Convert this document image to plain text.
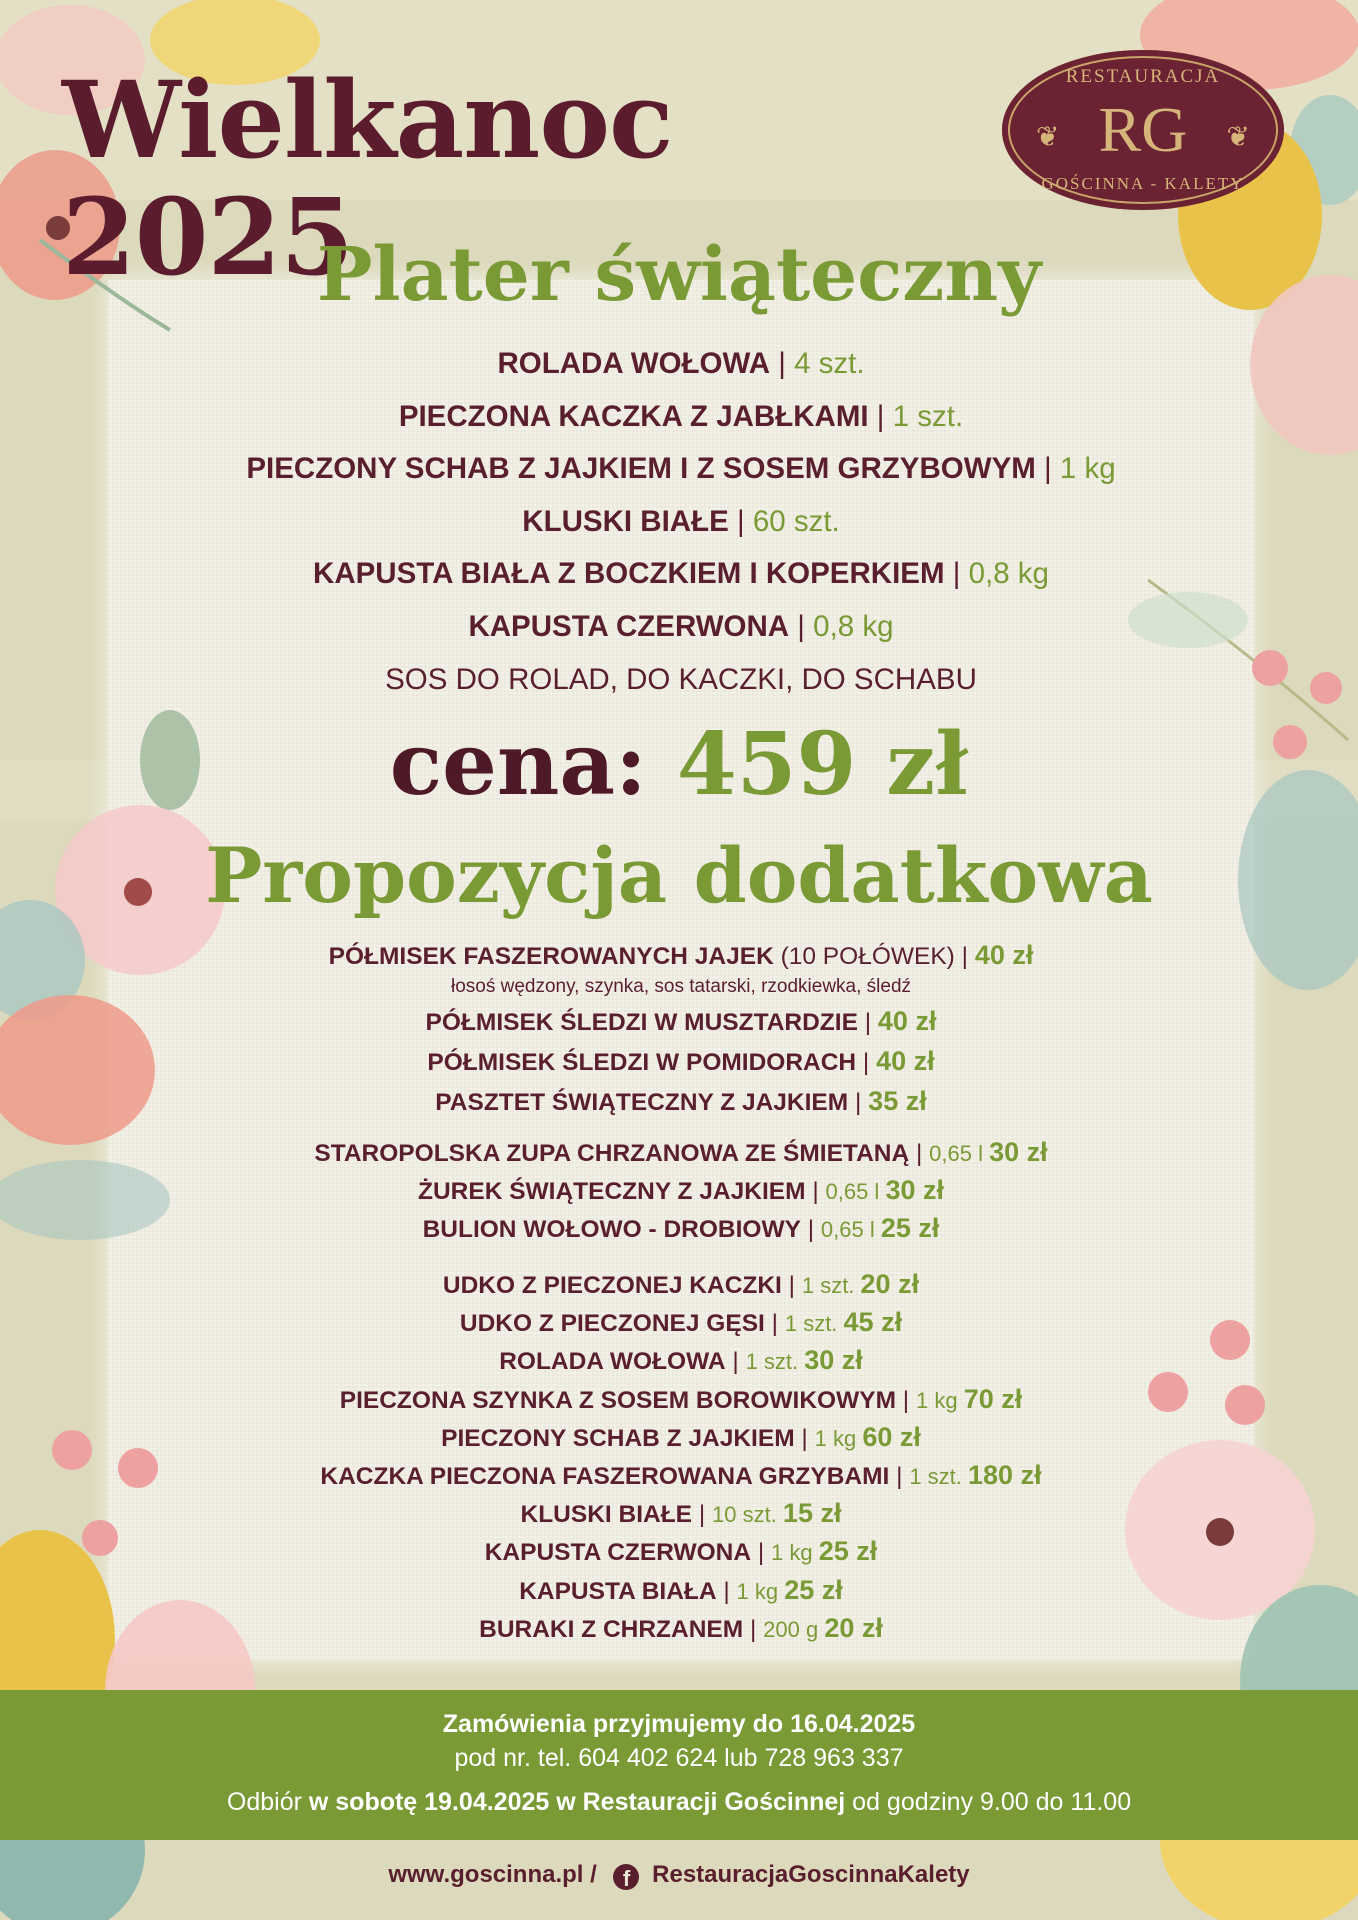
Wielkanoc 2025
RESTAURACJA
❦ RG	❦
GOŚCINNA - KALETY
Plater świąteczny
ROLADA WOŁOWA | 4 szt.
PIECZONA KACZKA Z JABŁKAMI | 1 szt.
PIECZONY SCHAB Z JAJKIEM I Z SOSEM GRZYBOWYM | 1 kg
KLUSKI BIAŁE | 60 szt.
KAPUSTA BIAŁA Z BOCZKIEM I KOPERKIEM | 0,8 kg
KAPUSTA CZERWONA | 0,8 kg
SOS DO ROLAD, DO KACZKI, DO SCHABU
cena: 459 zł
Propozycja dodatkowa
PÓŁMISEK FASZEROWANYCH JAJEK (10 POŁÓWEK) | 40 zł
łosoś wędzony, szynka, sos tatarski, rzodkiewka, śledź
PÓŁMISEK ŚLEDZI W MUSZTARDZIE | 40 zł
PÓŁMISEK ŚLEDZI W POMIDORACH | 40 zł
PASZTET ŚWIĄTECZNY Z JAJKIEM | 35 zł
STAROPOLSKA ZUPA CHRZANOWA ZE ŚMIETANĄ | 0,65 l 30 zł
ŻUREK ŚWIĄTECZNY Z JAJKIEM | 0,65 l 30 zł
BULION WOŁOWO - DROBIOWY | 0,65 l 25 zł
UDKO Z PIECZONEJ KACZKI | 1 szt. 20 zł
UDKO Z PIECZONEJ GĘSI | 1 szt. 45 zł
ROLADA WOŁOWA | 1 szt. 30 zł
PIECZONA SZYNKA Z SOSEM BOROWIKOWYM | 1 kg 70 zł
PIECZONY SCHAB Z JAJKIEM | 1 kg 60 zł
KACZKA PIECZONA FASZEROWANA GRZYBAMI | 1 szt. 180 zł
KLUSKI BIAŁE | 10 szt. 15 zł
KAPUSTA CZERWONA | 1 kg 25 zł
KAPUSTA BIAŁA | 1 kg 25 zł
BURAKI Z CHRZANEM | 200 g 20 zł
Zamówienia przyjmujemy do 16.04.2025
pod nr. tel. 604 402 624 lub 728 963 337
Odbiór w sobotę 19.04.2025 w Restauracji Gościnnej od godziny 9.00 do 11.00
www.goscinna.pl / f RestauracjaGoscinnaKalety
